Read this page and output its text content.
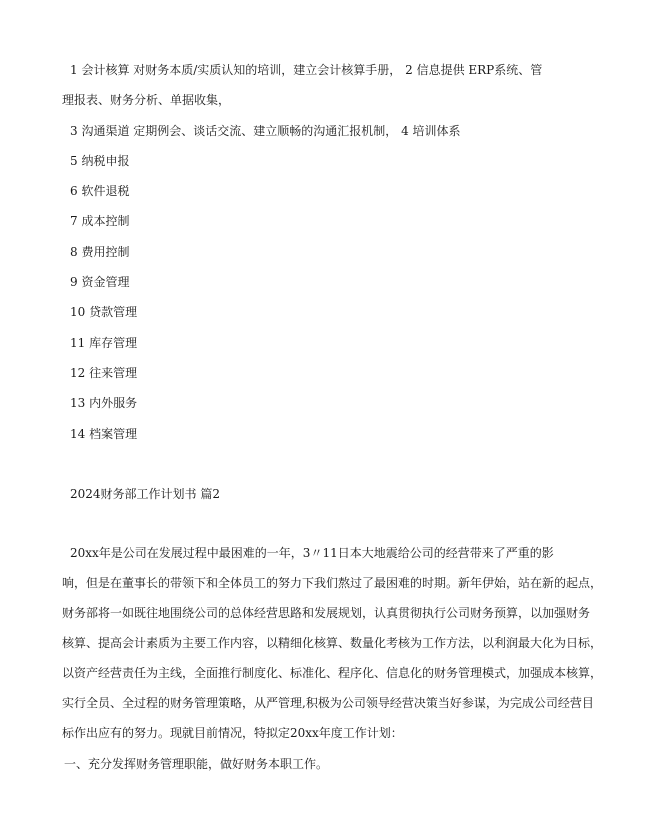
1 会计核算 对财务本质/实质认知的培训，建立会计核算手册， 2 信息提供 ERP系统、管
理报表、财务分析、单据收集，
3 沟通渠道 定期例会、谈话交流、建立顺畅的沟通汇报机制， 4 培训体系
5 纳税申报
6 软件退税
7 成本控制
8 费用控制
9 资金管理
10 贷款管理
11 库存管理
12 往来管理
13 内外服务
14 档案管理
2024财务部工作计划书 篇2
20xx年是公司在发展过程中最困难的一年，3〃11日本大地震给公司的经营带来了严重的影
响，但是在董事长的带领下和全体员工的努力下我们熬过了最困难的时期。新年伊始，站在新的起点，
财务部将一如既往地围绕公司的总体经营思路和发展规划，认真贯彻执行公司财务预算，以加强财务
核算、提高会计素质为主要工作内容，以精细化核算、数量化考核为工作方法，以利润最大化为日标，
以资产经营责任为主线，全面推行制度化、标准化、程序化、信息化的财务管理模式，加强成本核算，
实行全员、全过程的财务管理策略，从严管理,积极为公司领导经营决策当好参谋，为完成公司经营目
标作出应有的努力。现就目前情况，特拟定20xx年度工作计划：
一、充分发挥财务管理职能，做好财务本职工作。
